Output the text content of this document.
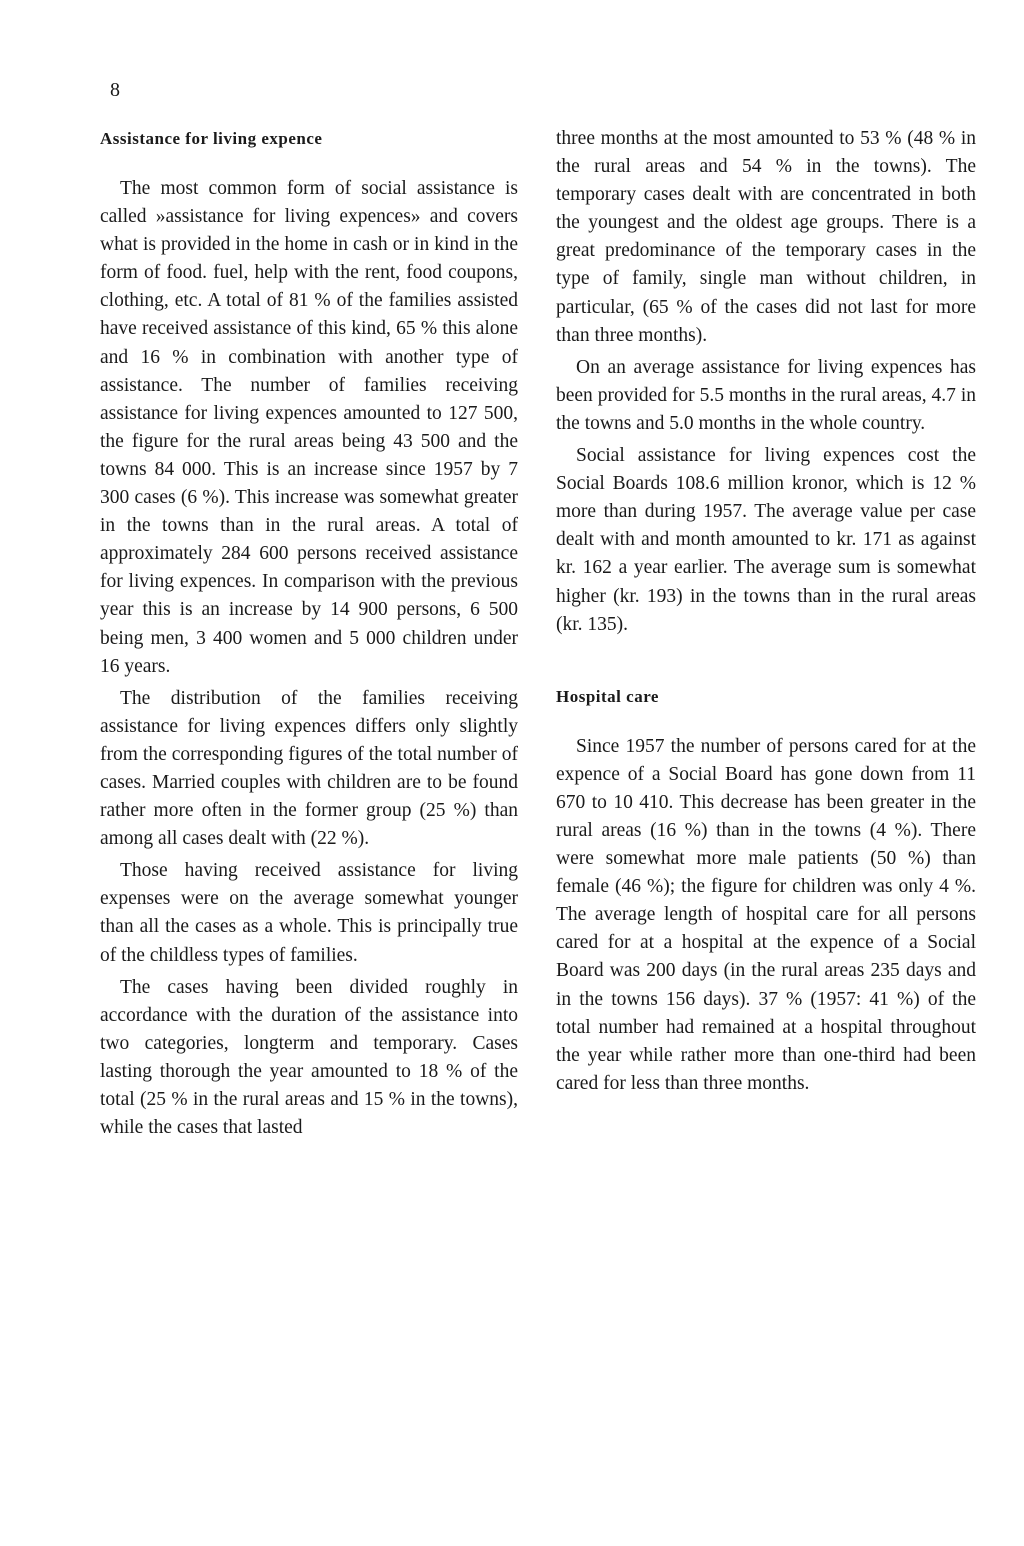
8
Assistance for living expence

The most common form of social assistance is called »assistance for living expences» and covers what is provided in the home in cash or in kind in the form of food. fuel, help with the rent, food coupons, clothing, etc. A total of 81 % of the families assisted have received assistance of this kind, 65 % this alone and 16 % in combination with another type of assistance. The number of families receiving assistance for living expences amounted to 127 500, the figure for the rural areas being 43 500 and the towns 84 000. This is an increase since 1957 by 7 300 cases (6 %). This increase was somewhat greater in the towns than in the rural areas. A total of approximately 284 600 persons received assistance for living expences. In comparison with the previous year this is an increase by 14 900 persons, 6 500 being men, 3 400 women and 5 000 children under 16 years.

The distribution of the families receiving assistance for living expences differs only slightly from the corresponding figures of the total number of cases. Married couples with children are to be found rather more often in the former group (25 %) than among all cases dealt with (22 %).

Those having received assistance for living expenses were on the average somewhat younger than all the cases as a whole. This is principally true of the childless types of families.

The cases having been divided roughly in accordance with the duration of the assistance into two categories, longterm and temporary. Cases lasting thorough the year amounted to 18 % of the total (25 % in the rural areas and 15 % in the towns), while the cases that lasted

three months at the most amounted to 53 % (48 % in the rural areas and 54 % in the towns). The temporary cases dealt with are concentrated in both the youngest and the oldest age groups. There is a great predominance of the temporary cases in the type of family, single man without children, in particular, (65 % of the cases did not last for more than three months).

On an average assistance for living expences has been provided for 5.5 months in the rural areas, 4.7 in the towns and 5.0 months in the whole country.

Social assistance for living expences cost the Social Boards 108.6 million kronor, which is 12 % more than during 1957. The average value per case dealt with and month amounted to kr. 171 as against kr. 162 a year earlier. The average sum is somewhat higher (kr. 193) in the towns than in the rural areas (kr. 135).

Hospital care

Since 1957 the number of persons cared for at the expence of a Social Board has gone down from 11 670 to 10 410. This decrease has been greater in the rural areas (16 %) than in the towns (4 %). There were somewhat more male patients (50 %) than female (46 %); the figure for children was only 4 %. The average length of hospital care for all persons cared for at a hospital at the expence of a Social Board was 200 days (in the rural areas 235 days and in the towns 156 days). 37 % (1957: 41 %) of the total number had remained at a hospital throughout the year while rather more than one-third had been cared for less than three months.
